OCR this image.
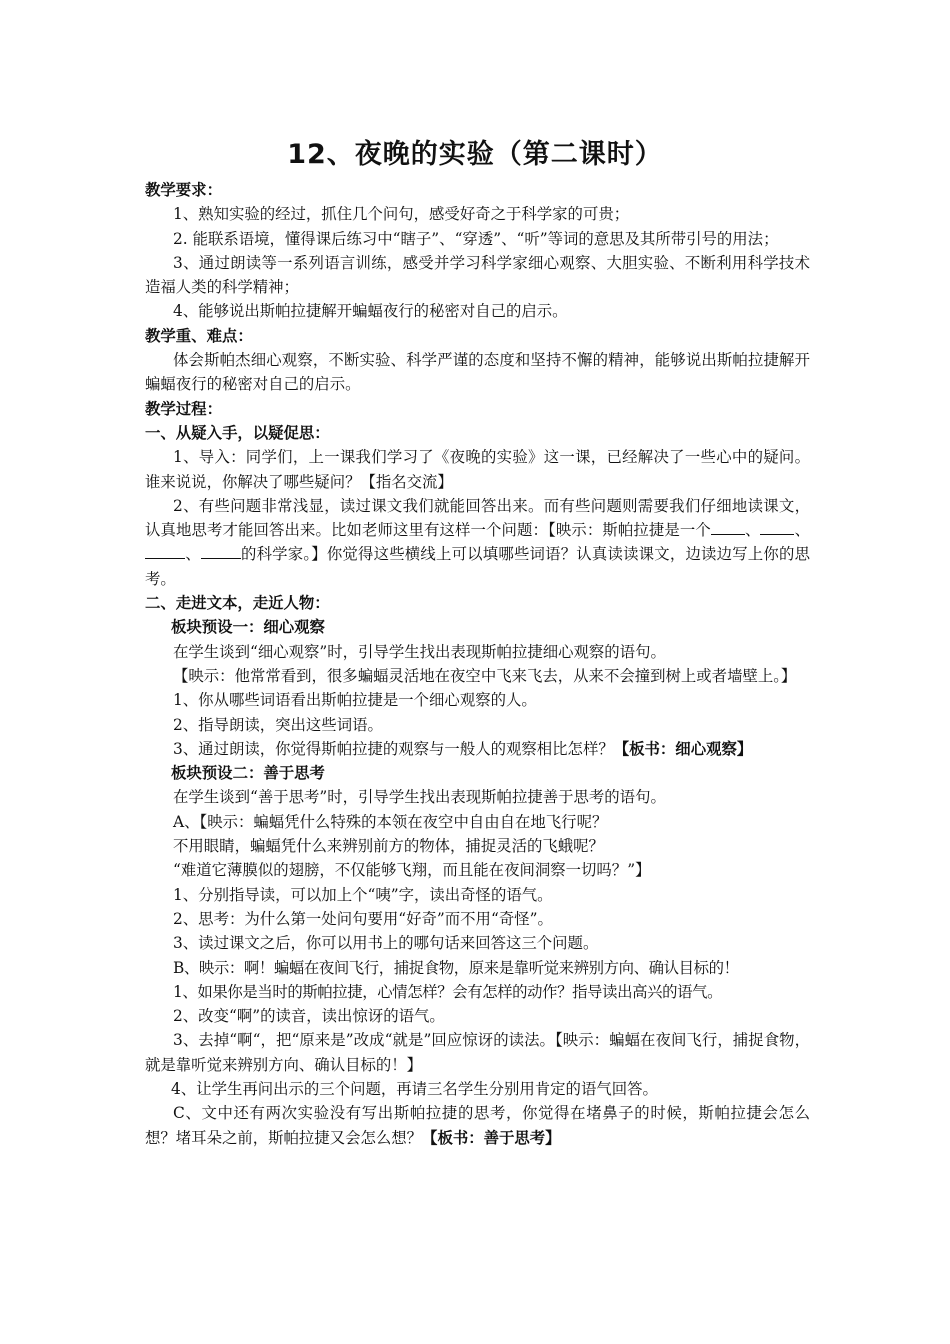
12、夜晚的实验（第二课时）

教学要求：

1、熟知实验的经过，抓住几个问句，感受好奇之于科学家的可贵；

2. 能联系语境，懂得课后练习中“瞎子”、“穿透”、“听”等词的意思及其所带引号的用法；

3、通过朗读等一系列语言训练，感受并学习科学家细心观察、大胆实验、不断利用科学技术造福人类的科学精神；

4、能够说出斯帕拉捷解开蝙蝠夜行的秘密对自己的启示。

教学重、难点：

体会斯帕杰细心观察，不断实验、科学严谨的态度和坚持不懈的精神，能够说出斯帕拉捷解开蝙蝠夜行的秘密对自己的启示。

教学过程：

一、从疑入手，以疑促思：

1、导入：同学们，上一课我们学习了《夜晚的实验》这一课，已经解决了一些心中的疑问。谁来说说，你解决了哪些疑问？【指名交流】

2、有些问题非常浅显，读过课文我们就能回答出来。而有些问题则需要我们仔细地读课文，认真地思考才能回答出来。比如老师这里有这样一个问题：【映示：斯帕拉捷是一个 、 、、	的科学家。】你觉得这些横线上可以填哪些词语？认真读读课文，边读边写上你的思考。

二、走进文本，走近人物：

板块预设一：细心观察

在学生谈到“细心观察”时，引导学生找出表现斯帕拉捷细心观察的语句。

【映示：他常常看到，很多蝙蝠灵活地在夜空中飞来飞去，从来不会撞到树上或者墙壁上。】

1、你从哪些词语看出斯帕拉捷是一个细心观察的人。

2、指导朗读，突出这些词语。

3、通过朗读，你觉得斯帕拉捷的观察与一般人的观察相比怎样？【板书：细心观察】

板块预设二：善于思考

在学生谈到“善于思考”时，引导学生找出表现斯帕拉捷善于思考的语句。

A、【映示：蝙蝠凭什么特殊的本领在夜空中自由自在地飞行呢？

不用眼睛，蝙蝠凭什么来辨别前方的物体，捕捉灵活的飞蛾呢？

“难道它薄膜似的翅膀，不仅能够飞翔，而且能在夜间洞察一切吗？”】

1、分别指导读，可以加上个“咦”字，读出奇怪的语气。

2、思考：为什么第一处问句要用“好奇”而不用“奇怪”。

3、读过课文之后，你可以用书上的哪句话来回答这三个问题。

B、映示：啊！蝙蝠在夜间飞行，捕捉食物，原来是靠听觉来辨别方向、确认目标的！

1、如果你是当时的斯帕拉捷，心情怎样？会有怎样的动作？指导读出高兴的语气。

2、改变“啊”的读音，读出惊讶的语气。

3、去掉“啊“，把“原来是”改成“就是”回应惊讶的读法。【映示：蝙蝠在夜间飞行，捕捉食物，就是靠听觉来辨别方向、确认目标的！】

4、让学生再问出示的三个问题，再请三名学生分别用肯定的语气回答。

C、文中还有两次实验没有写出斯帕拉捷的思考，你觉得在堵鼻子的时候，斯帕拉捷会怎么想？堵耳朵之前，斯帕拉捷又会怎么想？【板书：善于思考】
